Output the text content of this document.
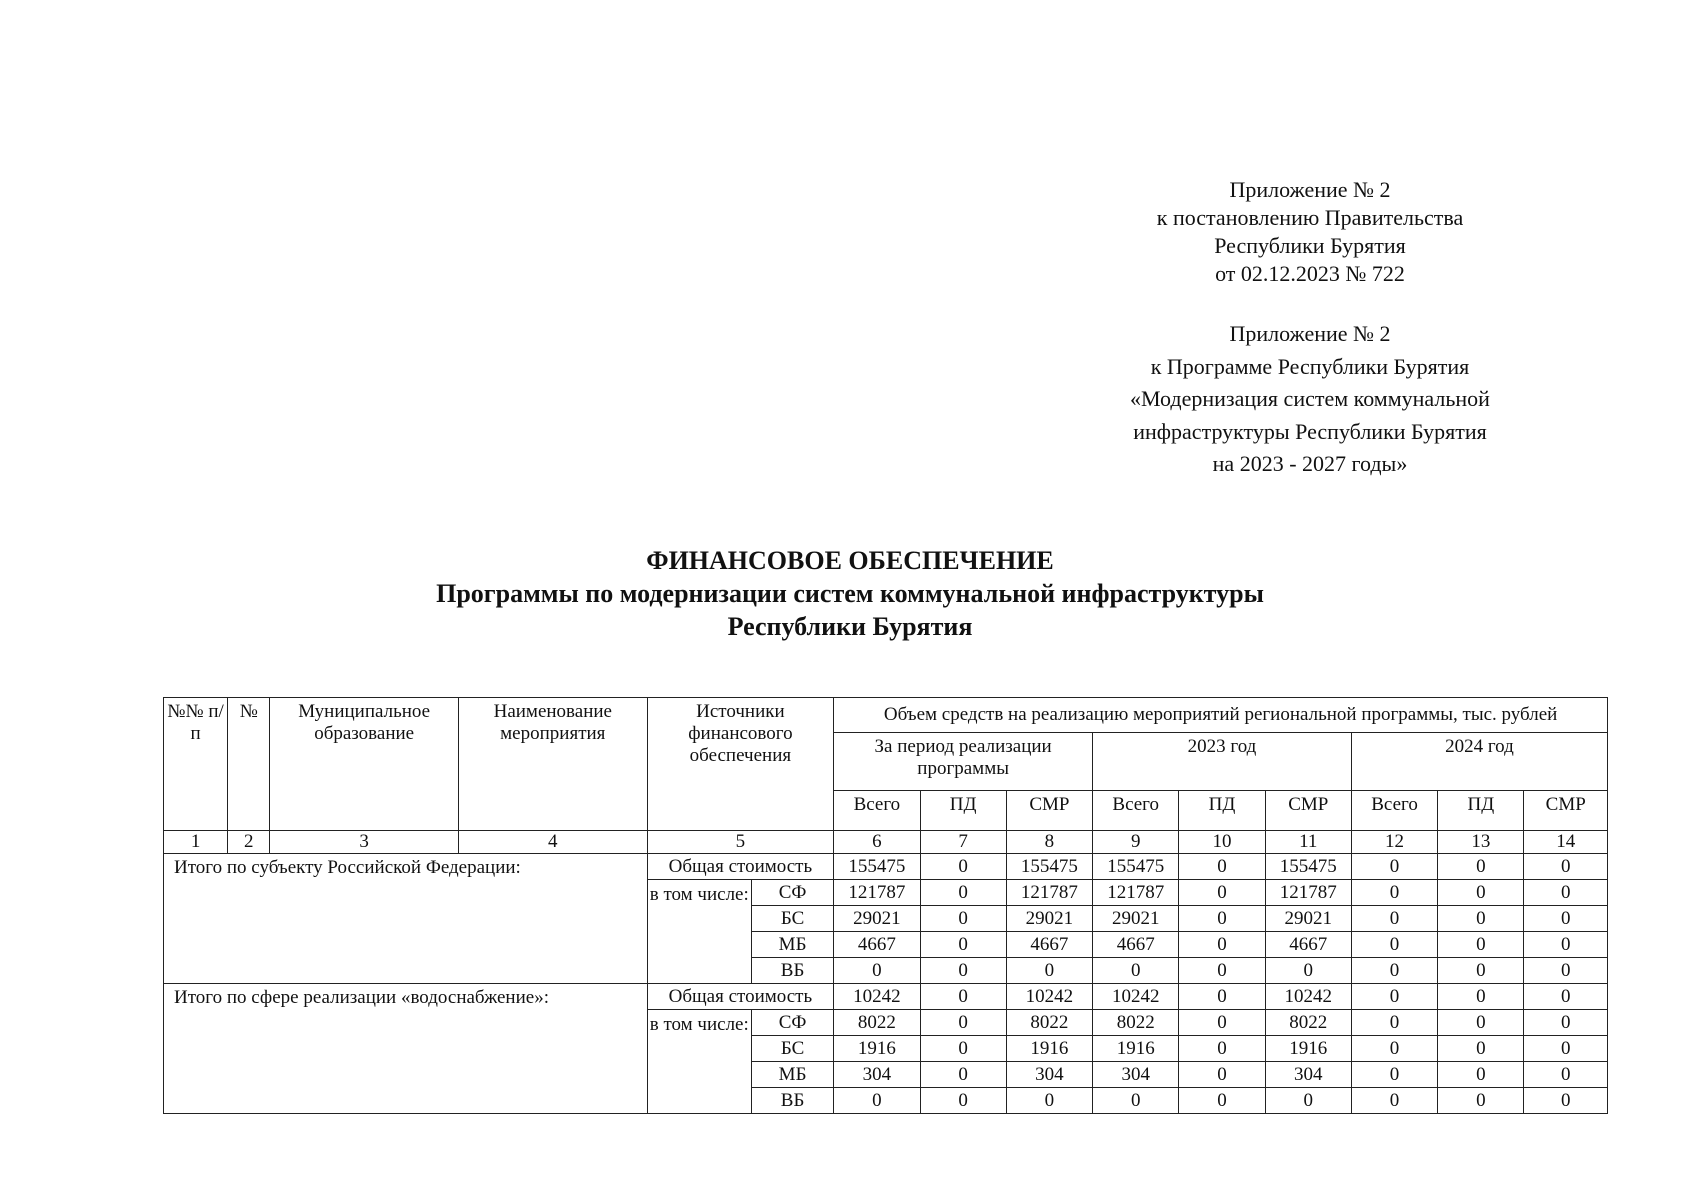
Приложение № 2
к постановлению Правительства
Республики Бурятия
от 02.12.2023 № 722
Приложение № 2
к Программе Республики Бурятия
«Модернизация систем коммунальной
инфраструктуры Республики Бурятия
на 2023 - 2027 годы»
ФИНАНСОВОЕ ОБЕСПЕЧЕНИЕ
Программы по модернизации систем коммунальной инфраструктуры
Республики Бурятия
№№ п/п	№	Муниципальное образование	Наименование мероприятия	Источники финансового обеспечения		Объем средств на реализацию мероприятий региональной программы, тыс. рублей								
						За период реализации программы			2023 год			2024 год		
						Всего	ПД	СМР	Всего	ПД	СМР	Всего	ПД	СМР
1	2	3	4	5		6	7	8	9	10	11	12	13	14
Итого по субъекту Российской Федерации:				Общая стоимость		155475	0	155475	155475	0	155475	0	0	0
				в том числе:	СФ	121787	0	121787	121787	0	121787	0	0	0
					БС	29021	0	29021	29021	0	29021	0	0	0
					МБ	4667	0	4667	4667	0	4667	0	0	0
					ВБ	0	0	0	0	0	0	0	0	0
Итого по сфере реализации «водоснабжение»:				Общая стоимость		10242	0	10242	10242	0	10242	0	0	0
				в том числе:	СФ	8022	0	8022	8022	0	8022	0	0	0
					БС	1916	0	1916	1916	0	1916	0	0	0
					МБ	304	0	304	304	0	304	0	0	0
					ВБ	0	0	0	0	0	0	0	0	0
